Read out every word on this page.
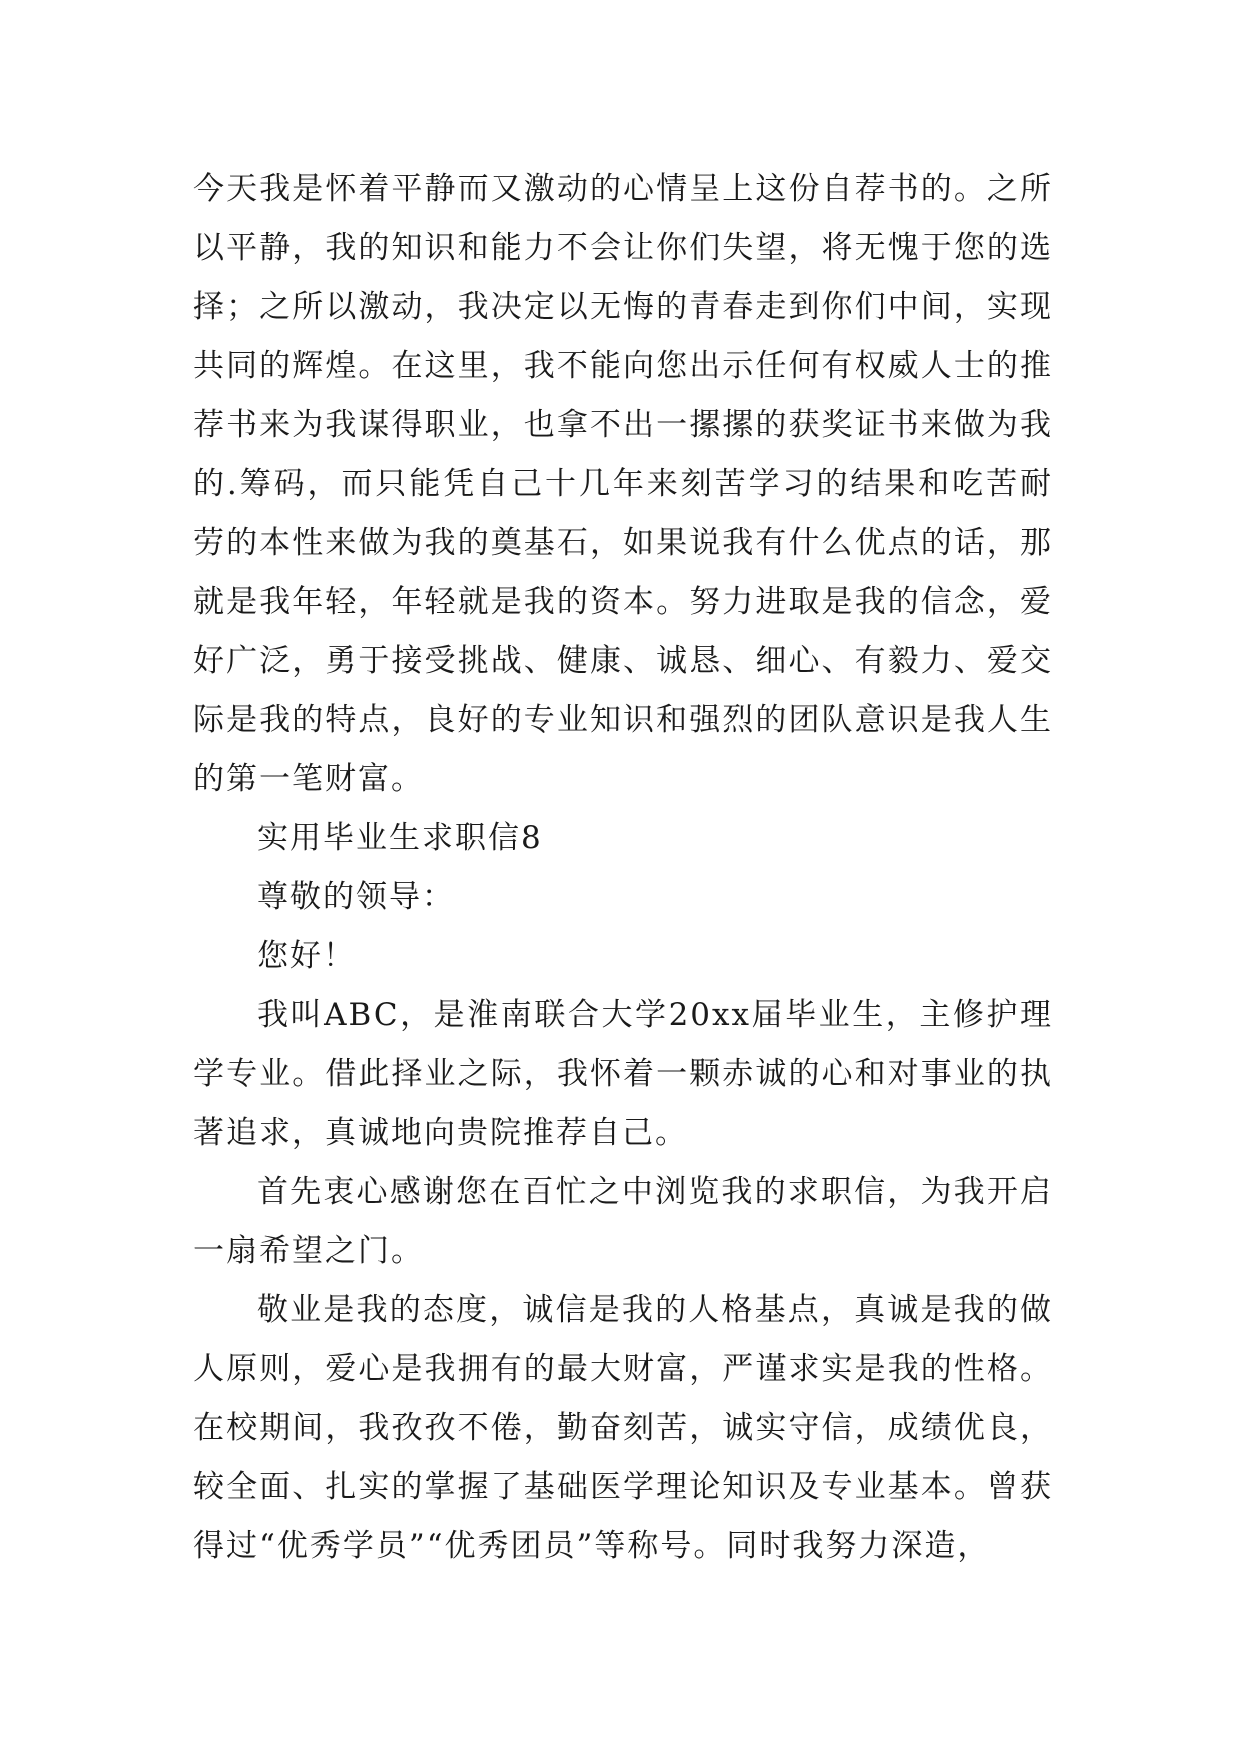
今天我是怀着平静而又激动的心情呈上这份自荐书的。之所以平静，我的知识和能力不会让你们失望，将无愧于您的选择；之所以激动，我决定以无悔的青春走到你们中间，实现共同的辉煌。在这里，我不能向您出示任何有权威人士的推荐书来为我谋得职业，也拿不出一摞摞的获奖证书来做为我的.筹码，而只能凭自己十几年来刻苦学习的结果和吃苦耐劳的本性来做为我的奠基石，如果说我有什么优点的话，那就是我年轻，年轻就是我的资本。努力进取是我的信念，爱好广泛，勇于接受挑战、健康、诚恳、细心、有毅力、爱交际是我的特点，良好的专业知识和强烈的团队意识是我人生的第一笔财富。

实用毕业生求职信8

尊敬的领导：

您好！

我叫ABC，是淮南联合大学20xx届毕业生，主修护理学专业。借此择业之际，我怀着一颗赤诚的心和对事业的执著追求，真诚地向贵院推荐自己。

首先衷心感谢您在百忙之中浏览我的求职信，为我开启一扇希望之门。

敬业是我的态度，诚信是我的人格基点，真诚是我的做人原则，爱心是我拥有的最大财富，严谨求实是我的性格。在校期间，我孜孜不倦，勤奋刻苦，诚实守信，成绩优良，较全面、扎实的掌握了基础医学理论知识及专业基本。曾获得过“优秀学员”“优秀团员”等称号。同时我努力深造，
